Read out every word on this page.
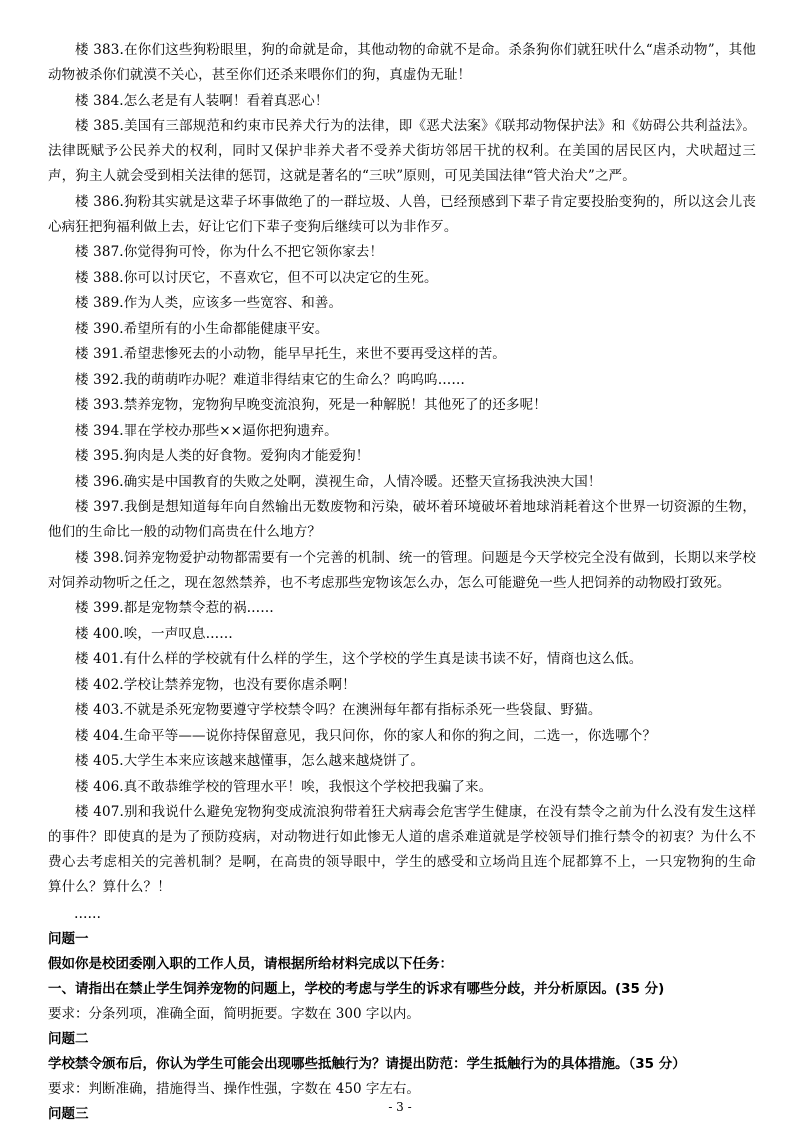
楼 383.在你们这些狗粉眼里，狗的命就是命，其他动物的命就不是命。杀条狗你们就狂吠什么“虐杀动物”，其他动物被杀你们就漠不关心，甚至你们还杀来喂你们的狗，真虚伪无耻！

楼 384.怎么老是有人装啊！看着真恶心！

楼 385.美国有三部规范和约束市民养犬行为的法律，即《恶犬法案》《联邦动物保护法》和《妨碍公共利益法》。法律既赋予公民养犬的权利，同时又保护非养犬者不受养犬街坊邻居干扰的权利。在美国的居民区内，犬吠超过三声，狗主人就会受到相关法律的惩罚，这就是著名的“三吠”原则，可见美国法律“管犬治犬”之严。

楼 386.狗粉其实就是这辈子坏事做绝了的一群垃圾、人兽，已经预感到下辈子肯定要投胎变狗的，所以这会儿丧心病狂把狗福利做上去，好让它们下辈子变狗后继续可以为非作歹。

楼 387.你觉得狗可怜，你为什么不把它领你家去！

楼 388.你可以讨厌它，不喜欢它，但不可以决定它的生死。

楼 389.作为人类，应该多一些宽容、和善。

楼 390.希望所有的小生命都能健康平安。

楼 391.希望悲惨死去的小动物，能早早托生，来世不要再受这样的苦。

楼 392.我的萌萌咋办呢？难道非得结束它的生命么？呜呜呜……

楼 393.禁养宠物，宠物狗早晚变流浪狗，死是一种解脱！其他死了的还多呢！

楼 394.罪在学校办那些××逼你把狗遗弃。

楼 395.狗肉是人类的好食物。爱狗肉才能爱狗！

楼 396.确实是中国教育的失败之处啊，漠视生命，人情冷暖。还整天宣扬我泱泱大国！

楼 397.我倒是想知道每年向自然输出无数废物和污染，破坏着环境破坏着地球消耗着这个世界一切资源的生物，他们的生命比一般的动物们高贵在什么地方？

楼 398.饲养宠物爱护动物都需要有一个完善的机制、统一的管理。问题是今天学校完全没有做到，长期以来学校对饲养动物听之任之，现在忽然禁养，也不考虑那些宠物该怎么办，怎么可能避免一些人把饲养的动物殴打致死。

楼 399.都是宠物禁令惹的祸……

楼 400.唉，一声叹息……

楼 401.有什么样的学校就有什么样的学生，这个学校的学生真是读书读不好，情商也这么低。

楼 402.学校让禁养宠物，也没有要你虐杀啊！

楼 403.不就是杀死宠物要遵守学校禁令吗？在澳洲每年都有指标杀死一些袋鼠、野猫。

楼 404.生命平等——说你持保留意见，我只问你，你的家人和你的狗之间，二选一，你选哪个？

楼 405.大学生本来应该越来越懂事，怎么越来越烧饼了。

楼 406.真不敢恭维学校的管理水平！唉，我恨这个学校把我骗了来。

楼 407.别和我说什么避免宠物狗变成流浪狗带着狂犬病毒会危害学生健康，在没有禁令之前为什么没有发生这样的事件？即使真的是为了预防疫病，对动物进行如此惨无人道的虐杀难道就是学校领导们推行禁令的初衷？为什么不费心去考虑相关的完善机制？是啊，在高贵的领导眼中，学生的感受和立场尚且连个屁都算不上，一只宠物狗的生命算什么？算什么？！

……
问题一
假如你是校团委刚入职的工作人员，请根据所给材料完成以下任务：
一、请指出在禁止学生饲养宠物的问题上，学校的考虑与学生的诉求有哪些分歧，并分析原因。(35 分)
要求：分条列项，准确全面，简明扼要。字数在 300 字以内。
问题二
学校禁令颁布后，你认为学生可能会出现哪些抵触行为？请提出防范：学生抵触行为的具体措施。（35 分）
要求：判断准确，措施得当、操作性强，字数在 450 字左右。
问题三	- 3 -
